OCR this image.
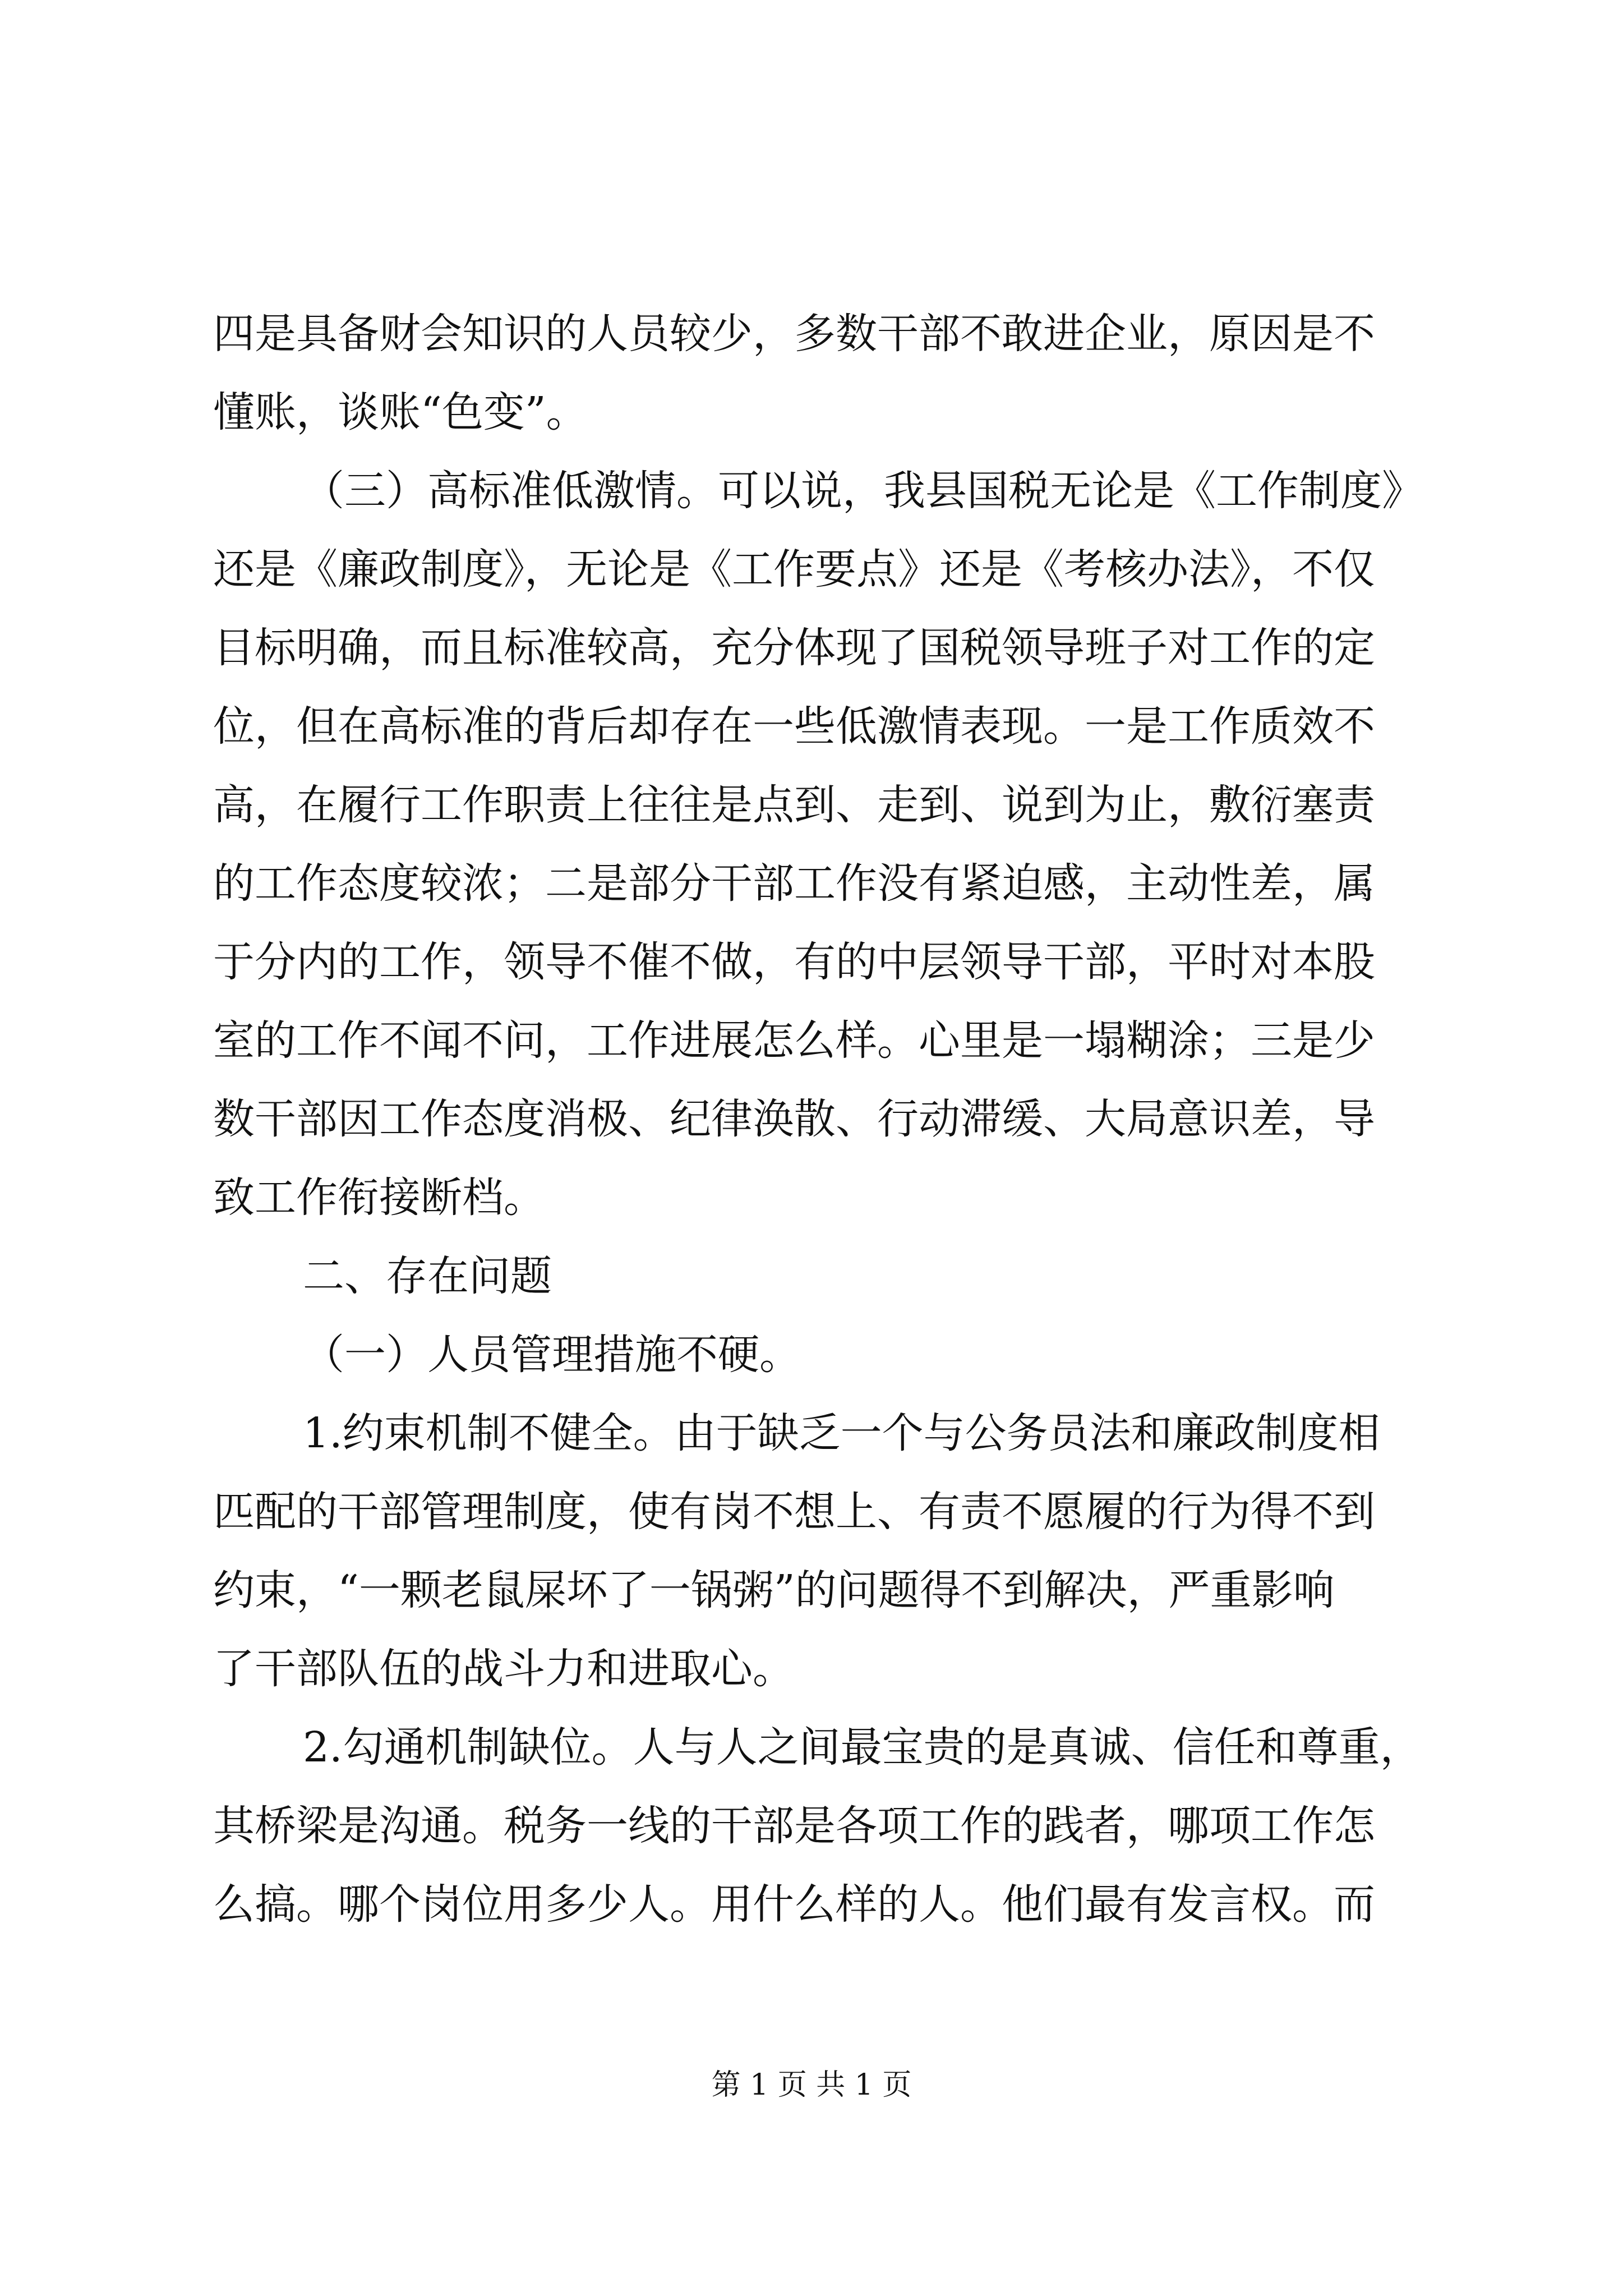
四是具备财会知识的人员较少，多数干部不敢进企业，原因是不
懂账，谈账“色变”。
（三）高标准低激情。可以说，我县国税无论是《工作制度》
还是《廉政制度》，无论是《工作要点》还是《考核办法》，不仅
目标明确，而且标准较高，充分体现了国税领导班子对工作的定
位，但在高标准的背后却存在一些低激情表现。一是工作质效不
高，在履行工作职责上往往是点到、走到、说到为止，敷衍塞责
的工作态度较浓；二是部分干部工作没有紧迫感，主动性差，属
于分内的工作，领导不催不做，有的中层领导干部，平时对本股
室的工作不闻不问，工作进展怎么样。心里是一塌糊涂；三是少
数干部因工作态度消极、纪律涣散、行动滞缓、大局意识差，导
致工作衔接断档。
二、存在问题
（一）人员管理措施不硬。
1.约束机制不健全。由于缺乏一个与公务员法和廉政制度相
匹配的干部管理制度，使有岗不想上、有责不愿履的行为得不到
约束，“一颗老鼠屎坏了一锅粥”的问题得不到解决，严重影响
了干部队伍的战斗力和进取心。
2.勾通机制缺位。人与人之间最宝贵的是真诚、信任和尊重，
其桥梁是沟通。税务一线的干部是各项工作的践者，哪项工作怎
么搞。哪个岗位用多少人。用什么样的人。他们最有发言权。而
第 1 页 共 1 页
